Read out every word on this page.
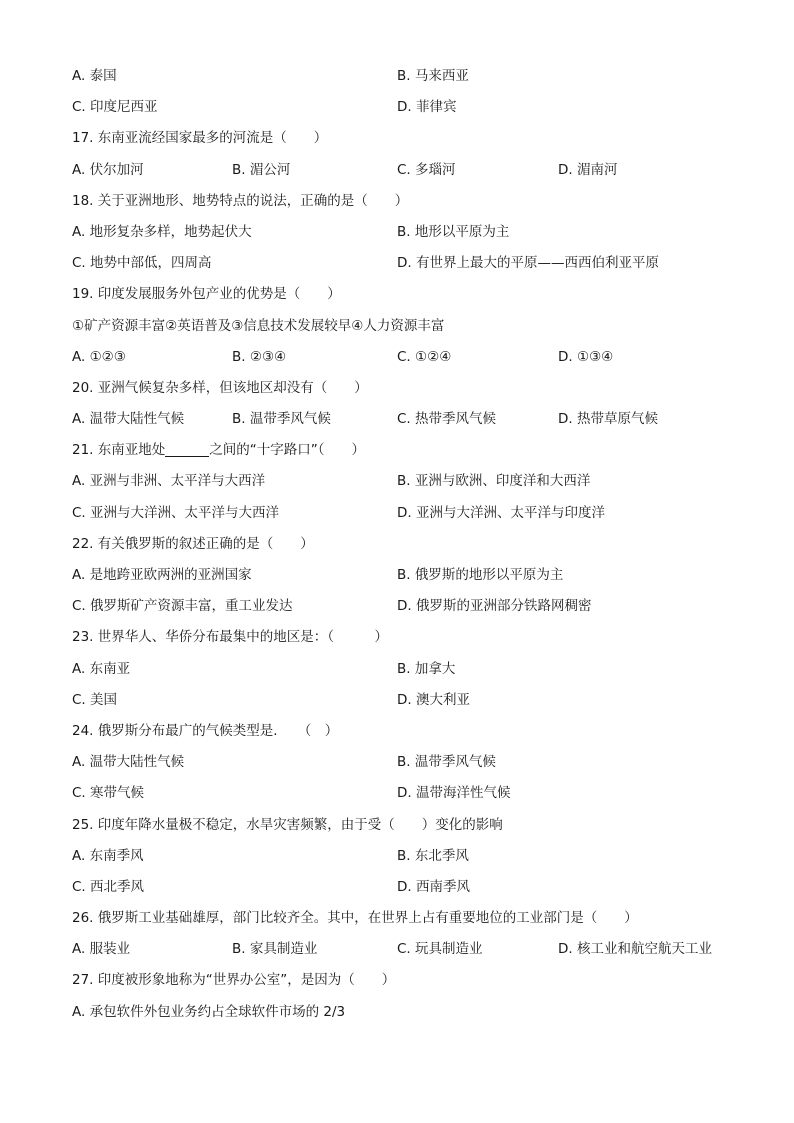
A. 泰国	B. 马来西亚
C. 印度尼西亚	D. 菲律宾
17. 东南亚流经国家最多的河流是（　　）
A. 伏尔加河	B. 湄公河	C. 多瑙河	D. 湄南河
18. 关于亚洲地形、地势特点的说法，正确的是（　　）
A. 地形复杂多样，地势起伏大	B. 地形以平原为主
C. 地势中部低，四周高	D. 有世界上最大的平原——西西伯利亚平原
19. 印度发展服务外包产业的优势是（　　）
①矿产资源丰富②英语普及③信息技术发展较早④人力资源丰富
A. ①②③	B. ②③④	C. ①②④	D. ①③④
20. 亚洲气候复杂多样，但该地区却没有（　　）
A. 温带大陆性气候	B. 温带季风气候	C. 热带季风气候	D. 热带草原气候
21. 东南亚地处	之间的“十字路口”（　　）
A. 亚洲与非洲、太平洋与大西洋	B. 亚洲与欧洲、印度洋和大西洋
C. 亚洲与大洋洲、太平洋与大西洋	D. 亚洲与大洋洲、太平洋与印度洋
22. 有关俄罗斯的叙述正确的是（　　）
A. 是地跨亚欧两洲的亚洲国家	B. 俄罗斯的地形以平原为主
C. 俄罗斯矿产资源丰富，重工业发达	D. 俄罗斯的亚洲部分铁路网稠密
23. 世界华人、华侨分布最集中的地区是：（　　　）
A. 东南亚	B. 加拿大
C. 美国	D. 澳大利亚
24. 俄罗斯分布最广的气候类型是.　　（　）
A. 温带大陆性气候	B. 温带季风气候
C. 寒带气候	D. 温带海洋性气候
25. 印度年降水量极不稳定，水旱灾害频繁，由于受（　　）变化的影响
A. 东南季风	B. 东北季风
C. 西北季风	D. 西南季风
26. 俄罗斯工业基础雄厚，部门比较齐全。其中，在世界上占有重要地位的工业部门是（　　）
A. 服装业	B. 家具制造业	C. 玩具制造业	D. 核工业和航空航天工业
27. 印度被形象地称为“世界办公室”，是因为（　　）
A. 承包软件外包业务约占全球软件市场的 2/3
